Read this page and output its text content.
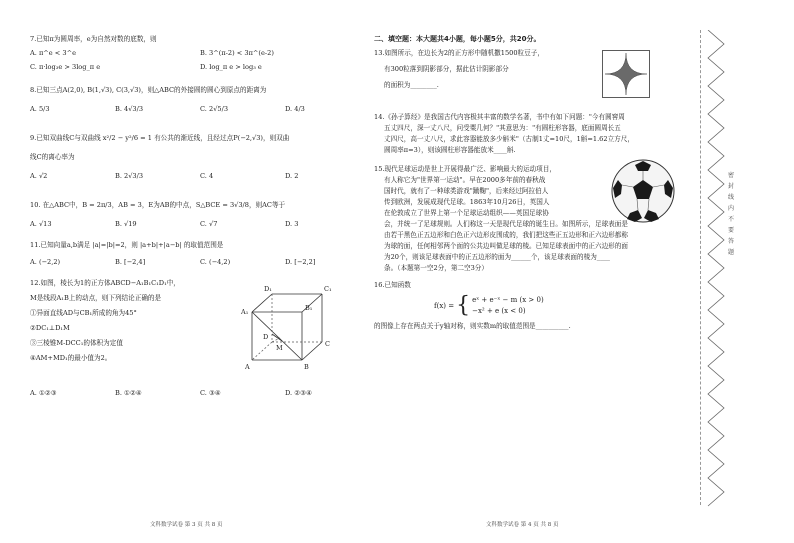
7.已知π为圆周率，e为自然对数的底数，则

A. π^e < 3^e	B. 3^(π-2) < 3π^(e-2)
C. π·log₃e > 3log_π e	D. log_π e > log₃ e

8.已知三点A(2,0), B(1,√3), C(3,√3)，则△ABC的外接圆的圆心到原点的距离为

A. 5/3	B. 4√3/3	C. 2√5/3	D. 4/3

9.已知双曲线C与双曲线 x²/2 − y²/6 = 1 有公共的渐近线，且经过点P(−2,√3)，则双曲

线C的离心率为

A. √2	B. 2√3/3	C. 4	D. 2

10. 在△ABC中，B = 2π/3，AB = 3，E为AB的中点，S△BCE = 3√3/8，则AC等于

A. √13	B. √19	C. √7	D. 3

11.已知向量a,b满足 |a|=|b|=2，则 |a+b|+|a−b| 的取值范围是

A. (−2,2)	B. [−2,4]	C. (−4,2)	D. [−2,2]

12.如图，棱长为1的正方体ABCD−A₁B₁C₁D₁中，

M是线段A₁B上的动点，则下列结论正确的是

①异面直线AD与CB₁所成的角为45°

②DC₁⊥D₁M

③三棱锥M-DCC₁的体积为定值

④AM+MD₁的最小值为2。

D₁	C₁
A₁	B₁
D
C
A	B
M
A. ①②③	B. ①②④	C. ③④	D. ②③④
文科数学试卷 第 3 页 共 8 页

二、填空题：本大题共4小题，每小题5分，共20分。

13.如图所示，在边长为2的正方形中随机撒1500粒豆子，

有300粒落到阴影部分，据此估计阴影部分

的面积为________.

14.《孙子算经》是我国古代内容极其丰富的数学名著，书中有如下问题："今有圆窖周

五丈四尺，深一丈八尺，问受粟几何？"其意思为："有圆柱形容器，底面圆周长五

丈四尺，高一丈八尺，求此容器能放多少斛米"（古制1丈=10尺，1斛=1.62立方尺，

圆周率π=3），则该圆柱形容器能放米____斛.

15.现代足球运动是世上开展得最广泛、影响最大的运动项目，

有人称它为"世界第一运动"。早在2000多年前的春秋战

国时代，就有了一种球类游戏"蹴鞠"，后来经过阿拉伯人

传到欧洲，发展成现代足球。1863年10月26日，英国人

在伦敦成立了世界上第一个足球运动组织——英国足球协

会，并统一了足球规则。人们称这一天是现代足球的诞生日。如图所示，足球表面是

由若干黑色正五边形和白色正六边形皮围成的，我们把这些正五边形和正六边形都称

为球的面，任何相邻两个面的公共边叫做足球的棱。已知足球表面中的正六边形的面

为20个，则该足球表面中的正五边形的面为______个，该足球表面的棱为____

条。（本题第一空2分，第二空3分）

16.已知函数

f(x) = { eˣ + e⁻ˣ − m (x > 0)
−x² + e (x < 0)

的图像上存在两点关于y轴对称，则实数m的取值范围是__________.

文科数学试卷 第 4 页 共 8 页
密 封 线 内 不 要 答 题
